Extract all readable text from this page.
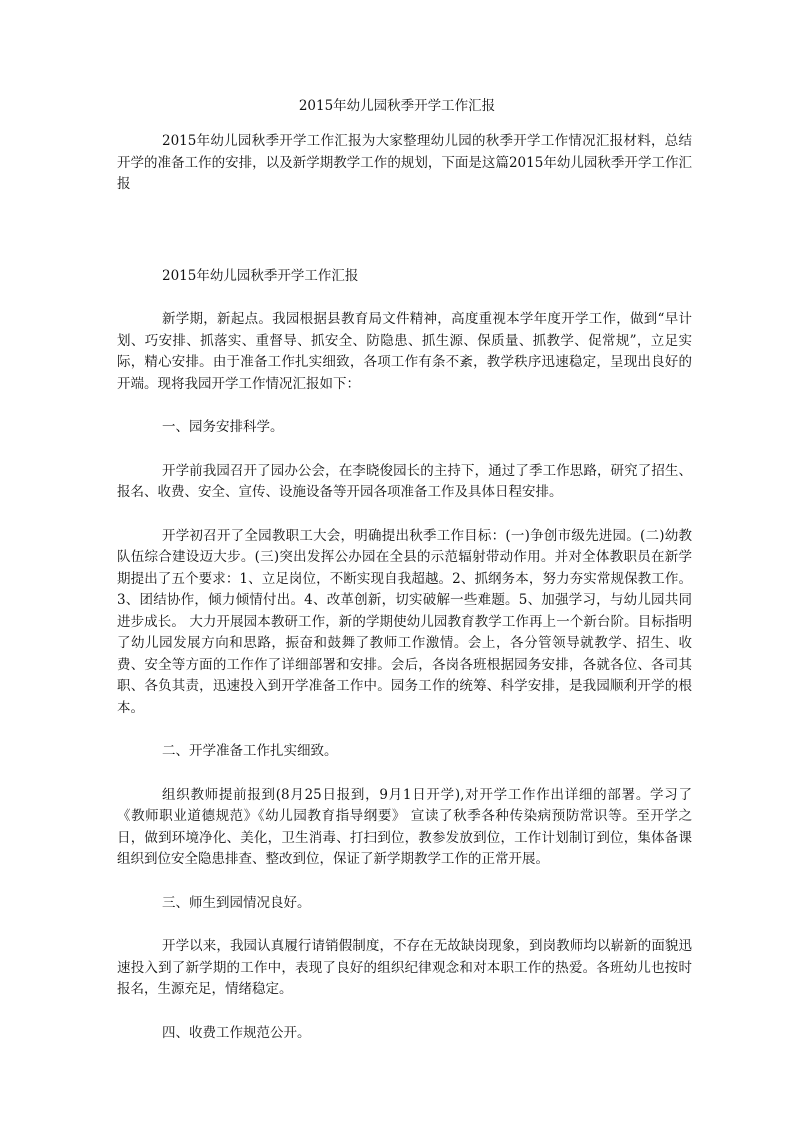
2015年幼儿园秋季开学工作汇报

2015年幼儿园秋季开学工作汇报为大家整理幼儿园的秋季开学工作情况汇报材料，总结开学的准备工作的安排，以及新学期教学工作的规划，下面是这篇2015年幼儿园秋季开学工作汇报

2015年幼儿园秋季开学工作汇报

新学期，新起点。我园根据县教育局文件精神，高度重视本学年度开学工作，做到“早计划、巧安排、抓落实、重督导、抓安全、防隐患、抓生源、保质量、抓教学、促常规”，立足实际，精心安排。由于准备工作扎实细致，各项工作有条不紊，教学秩序迅速稳定，呈现出良好的开端。现将我园开学工作情况汇报如下：

一、园务安排科学。

开学前我园召开了园办公会，在李晓俊园长的主持下，通过了季工作思路，研究了招生、报名、收费、安全、宣传、设施设备等开园各项准备工作及具体日程安排。

开学初召开了全园教职工大会，明确提出秋季工作目标：(一)争创市级先进园。(二)幼教队伍综合建设迈大步。(三)突出发挥公办园在全县的示范辐射带动作用。并对全体教职员在新学期提出了五个要求：1、立足岗位，不断实现自我超越。2、抓纲务本，努力夯实常规保教工作。3、团结协作，倾力倾情付出。4、改革创新，切实破解一些难题。5、加强学习，与幼儿园共同进步成长。 大力开展园本教研工作，新的学期使幼儿园教育教学工作再上一个新台阶。目标指明了幼儿园发展方向和思路，振奋和鼓舞了教师工作激情。会上，各分管领导就教学、招生、收费、安全等方面的工作作了详细部署和安排。会后，各岗各班根据园务安排，各就各位、各司其职、各负其责，迅速投入到开学准备工作中。园务工作的统筹、科学安排，是我园顺利开学的根本。

二、开学准备工作扎实细致。

组织教师提前报到(8月25日报到，9月1日开学),对开学工作作出详细的部署。学习了《教师职业道德规范》《幼儿园教育指导纲要》 宣读了秋季各种传染病预防常识等。至开学之日，做到环境净化、美化，卫生消毒、打扫到位，教参发放到位，工作计划制订到位，集体备课组织到位安全隐患排查、整改到位，保证了新学期教学工作的正常开展。

三、师生到园情况良好。

开学以来，我园认真履行请销假制度，不存在无故缺岗现象，到岗教师均以崭新的面貌迅速投入到了新学期的工作中，表现了良好的组织纪律观念和对本职工作的热爱。各班幼儿也按时报名，生源充足，情绪稳定。

四、收费工作规范公开。
